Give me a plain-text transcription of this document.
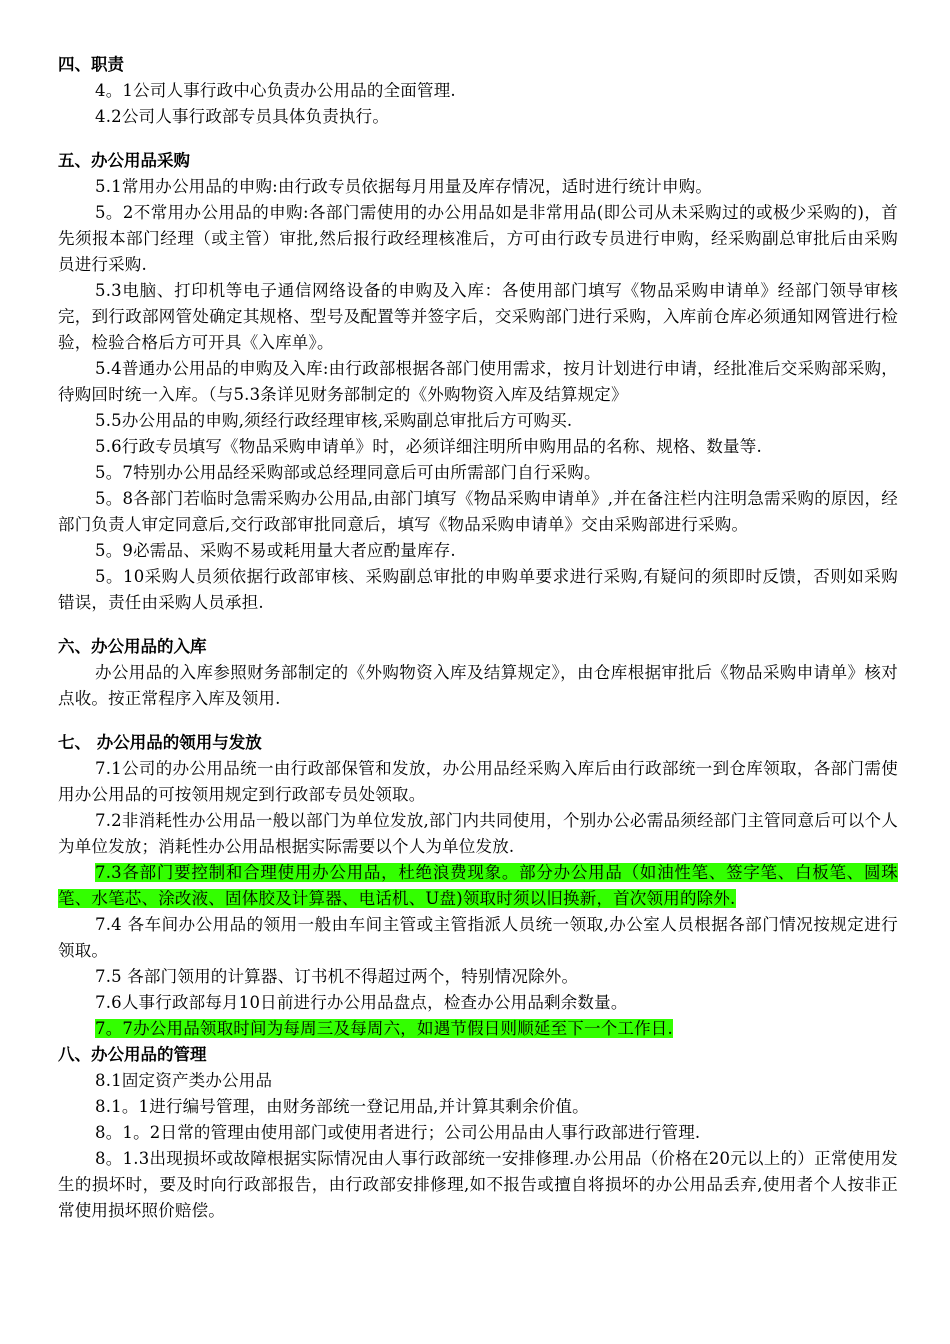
四、职责

4。1公司人事行政中心负责办公用品的全面管理.

4.2公司人事行政部专员具体负责执行。

五、办公用品采购

5.1常用办公用品的申购:由行政专员依据每月用量及库存情况，适时进行统计申购。

5。2不常用办公用品的申购:各部门需使用的办公用品如是非常用品(即公司从未采购过的或极少采购的)，首先须报本部门经理（或主管）审批,然后报行政经理核准后，方可由行政专员进行申购，经采购副总审批后由采购员进行采购.

5.3电脑、打印机等电子通信网络设备的申购及入库：各使用部门填写《物品采购申请单》经部门领导审核完，到行政部网管处确定其规格、型号及配置等并签字后，交采购部门进行采购，入库前仓库必须通知网管进行检验，检验合格后方可开具《入库单》。

5.4普通办公用品的申购及入库:由行政部根据各部门使用需求，按月计划进行申请，经批准后交采购部采购，待购回时统一入库。（与5.3条详见财务部制定的《外购物资入库及结算规定》

5.5办公用品的申购,须经行政经理审核,采购副总审批后方可购买.

5.6行政专员填写《物品采购申请单》时，必须详细注明所申购用品的名称、规格、数量等.

5。7特别办公用品经采购部或总经理同意后可由所需部门自行采购。

5。8各部门若临时急需采购办公用品,由部门填写《物品采购申请单》,并在备注栏内注明急需采购的原因，经部门负责人审定同意后,交行政部审批同意后，填写《物品采购申请单》交由采购部进行采购。

5。9必需品、采购不易或耗用量大者应酌量库存.

5。10采购人员须依据行政部审核、采购副总审批的申购单要求进行采购,有疑问的须即时反馈，否则如采购错误，责任由采购人员承担.

六、办公用品的入库

办公用品的入库参照财务部制定的《外购物资入库及结算规定》，由仓库根据审批后《物品采购申请单》核对点收。按正常程序入库及领用.

七、 办公用品的领用与发放

7.1公司的办公用品统一由行政部保管和发放，办公用品经采购入库后由行政部统一到仓库领取，各部门需使用办公用品的可按领用规定到行政部专员处领取。

7.2非消耗性办公用品一般以部门为单位发放,部门内共同使用，个别办公必需品须经部门主管同意后可以个人为单位发放；消耗性办公用品根据实际需要以个人为单位发放.

7.3各部门要控制和合理使用办公用品，杜绝浪费现象。部分办公用品（如油性笔、签字笔、白板笔、圆珠笔、水笔芯、涂改液、固体胶及计算器、电话机、U盘)领取时须以旧换新，首次领用的除外.

7.4 各车间办公用品的领用一般由车间主管或主管指派人员统一领取,办公室人员根据各部门情况按规定进行领取。

7.5 各部门领用的计算器、订书机不得超过两个，特别情况除外。

7.6人事行政部每月10日前进行办公用品盘点，检查办公用品剩余数量。

7。7办公用品领取时间为每周三及每周六，如遇节假日则顺延至下一个工作日.

八、办公用品的管理

8.1固定资产类办公用品

8.1。1进行编号管理，由财务部统一登记用品,并计算其剩余价值。

8。1。2日常的管理由使用部门或使用者进行；公司公用品由人事行政部进行管理.

8。1.3出现损坏或故障根据实际情况由人事行政部统一安排修理.办公用品（价格在20元以上的）正常使用发生的损坏时，要及时向行政部报告，由行政部安排修理,如不报告或擅自将损坏的办公用品丢弃,使用者个人按非正常使用损坏照价赔偿。
